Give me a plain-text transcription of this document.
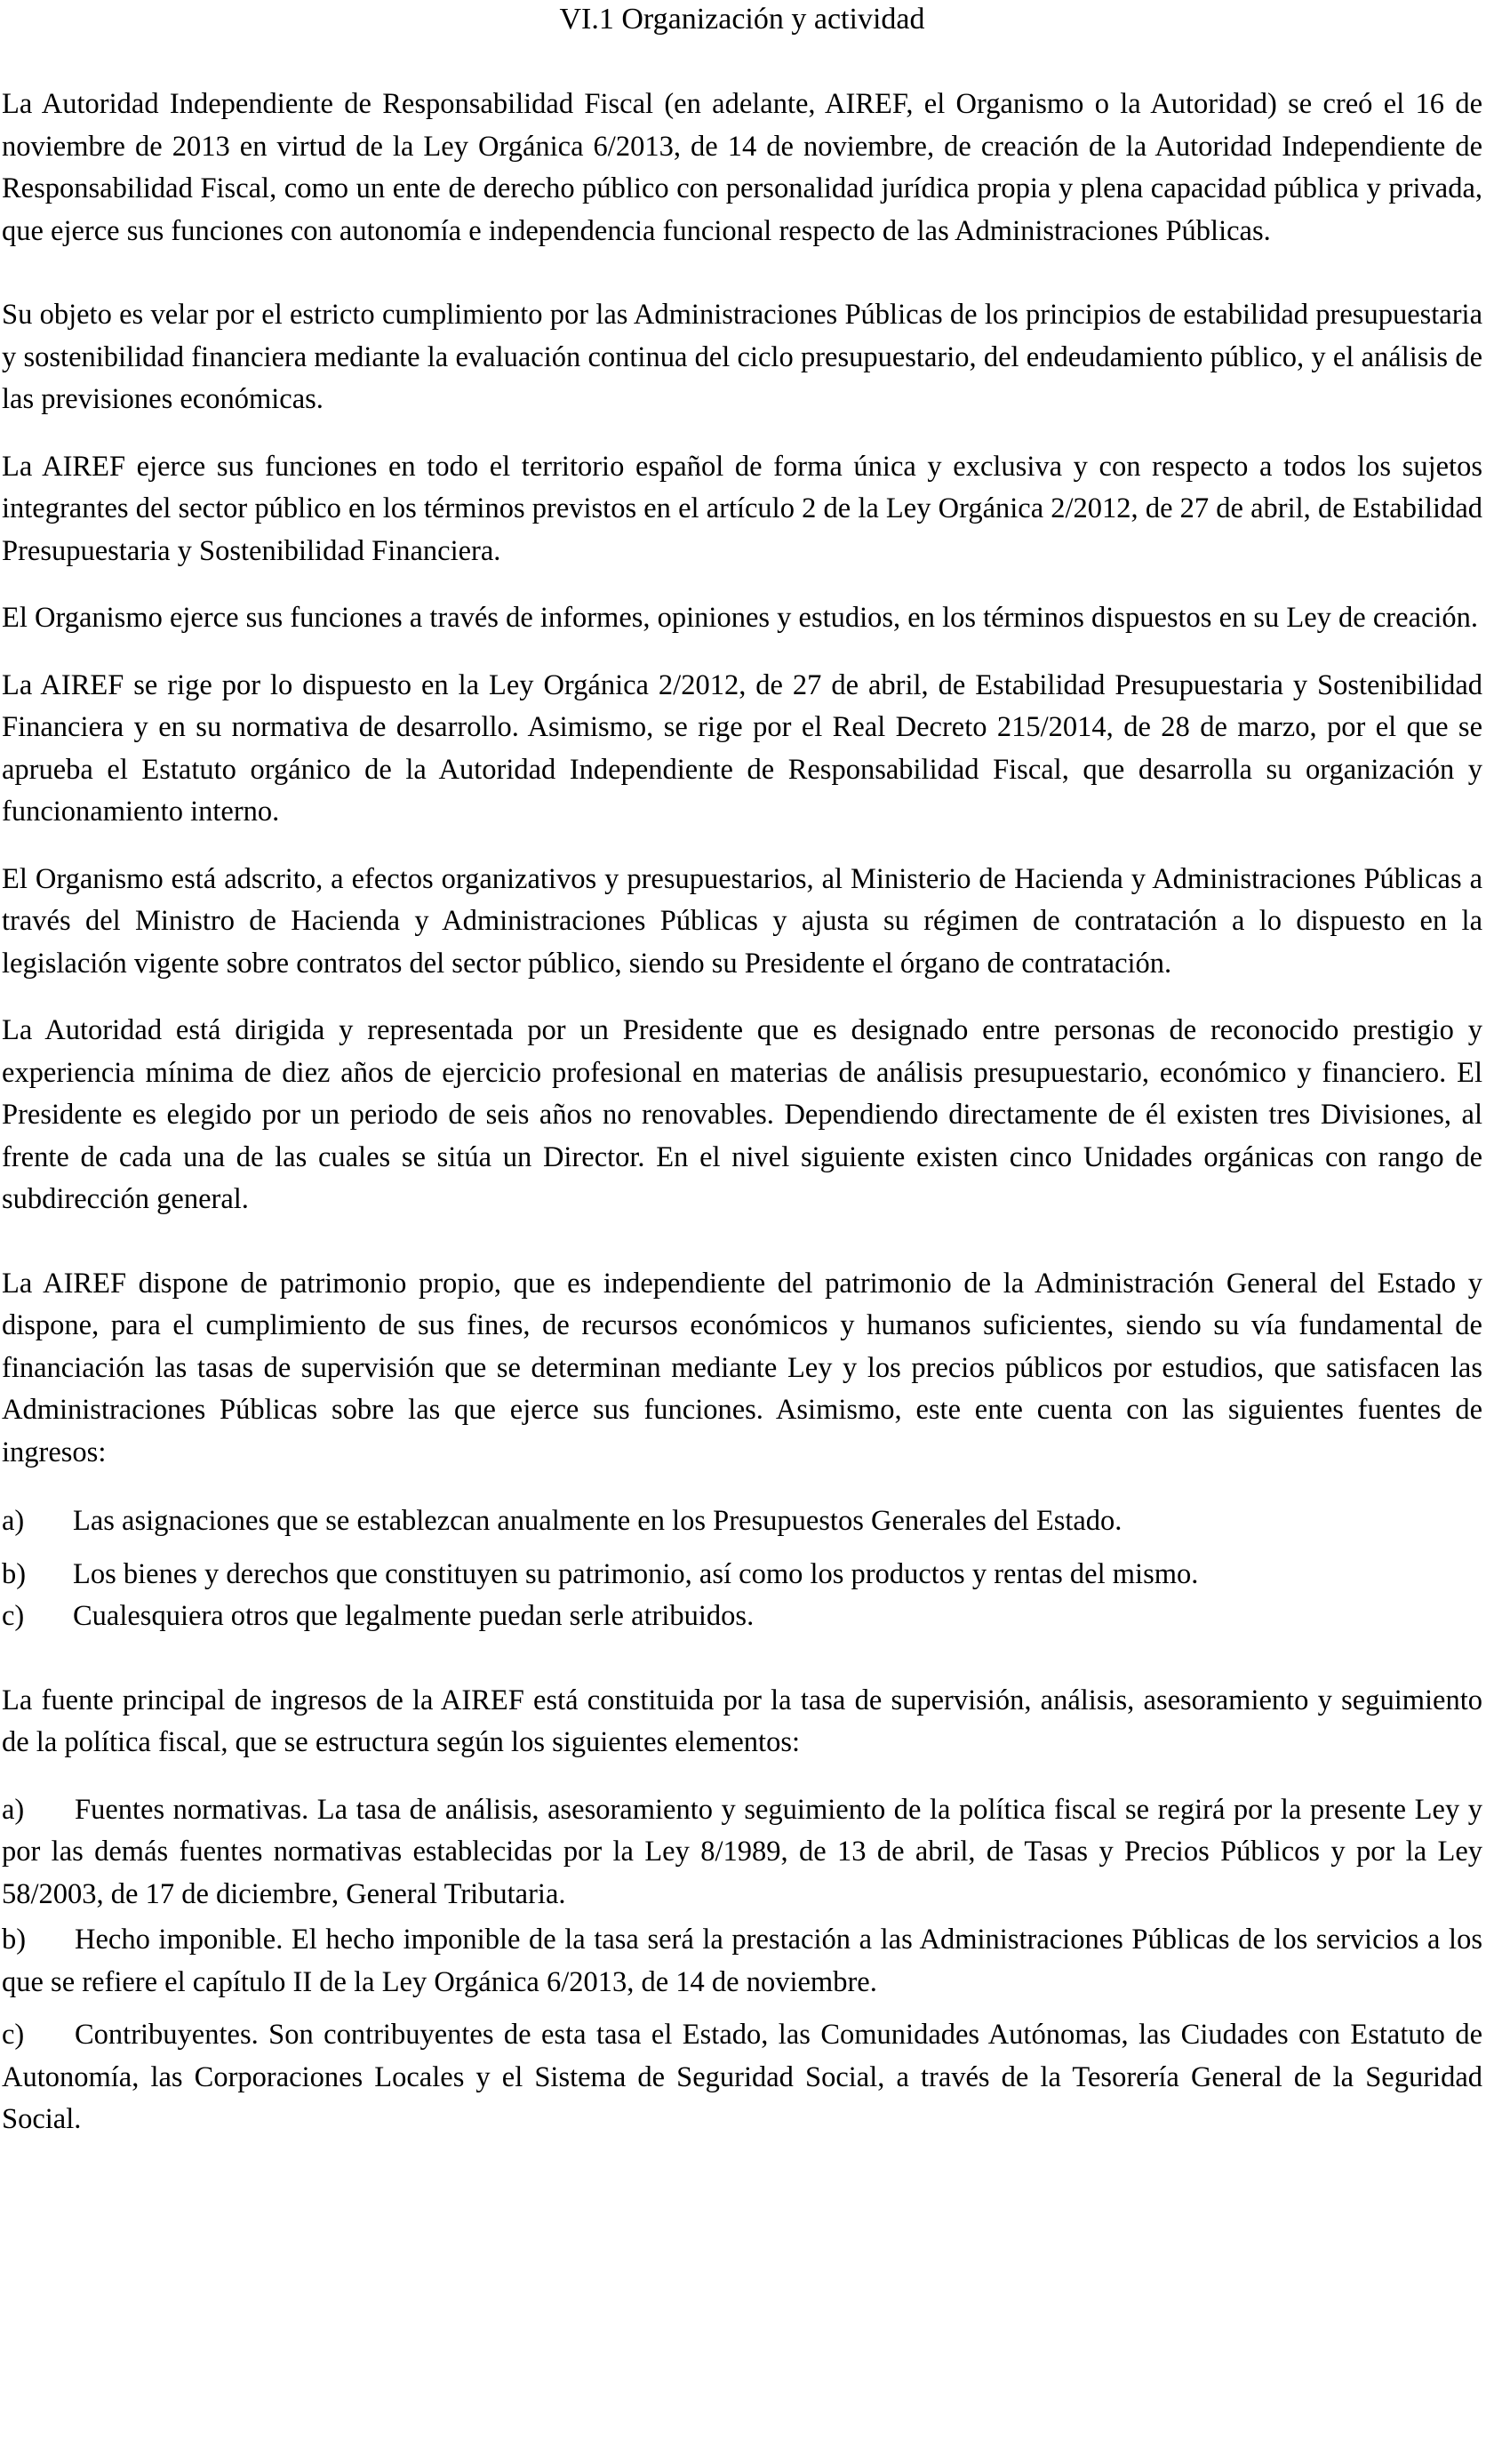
VI.1 Organización y actividad

La Autoridad Independiente de Responsabilidad Fiscal (en adelante, AIREF, el Organismo o la Autoridad) se creó el 16 de noviembre de 2013 en virtud de la Ley Orgánica 6/2013, de 14 de noviembre, de creación de la Autoridad Independiente de Responsabilidad Fiscal, como un ente de derecho público con personalidad jurídica propia y plena capacidad pública y privada, que ejerce sus funciones con autonomía e independencia funcional respecto de las Administraciones Públicas.

Su objeto es velar por el estricto cumplimiento por las Administraciones Públicas de los principios de estabilidad presupuestaria y sostenibilidad financiera mediante la evaluación continua del ciclo presupuestario, del endeudamiento público, y el análisis de las previsiones económicas.

La AIREF ejerce sus funciones en todo el territorio español de forma única y exclusiva y con respecto a todos los sujetos integrantes del sector público en los términos previstos en el artículo 2 de la Ley Orgánica 2/2012, de 27 de abril, de Estabilidad Presupuestaria y Sostenibilidad Financiera.

El Organismo ejerce sus funciones a través de informes, opiniones y estudios, en los términos dispuestos en su Ley de creación.

La AIREF se rige por lo dispuesto en la Ley Orgánica 2/2012, de 27 de abril, de Estabilidad Presupuestaria y Sostenibilidad Financiera y en su normativa de desarrollo. Asimismo, se rige por el Real Decreto 215/2014, de 28 de marzo, por el que se aprueba el Estatuto orgánico de la Autoridad Independiente de Responsabilidad Fiscal, que desarrolla su organización y funcionamiento interno.

El Organismo está adscrito, a efectos organizativos y presupuestarios, al Ministerio de Hacienda y Administraciones Públicas a través del Ministro de Hacienda y Administraciones Públicas y ajusta su régimen de contratación a lo dispuesto en la legislación vigente sobre contratos del sector público, siendo su Presidente el órgano de contratación.

La Autoridad está dirigida y representada por un Presidente que es designado entre personas de reconocido prestigio y experiencia mínima de diez años de ejercicio profesional en materias de análisis presupuestario, económico y financiero. El Presidente es elegido por un periodo de seis años no renovables. Dependiendo directamente de él existen tres Divisiones, al frente de cada una de las cuales se sitúa un Director. En el nivel siguiente existen cinco Unidades orgánicas con rango de subdirección general.

La AIREF dispone de patrimonio propio, que es independiente del patrimonio de la Administración General del Estado y dispone, para el cumplimiento de sus fines, de recursos económicos y humanos suficientes, siendo su vía fundamental de financiación las tasas de supervisión que se determinan mediante Ley y los precios públicos por estudios, que satisfacen las Administraciones Públicas sobre las que ejerce sus funciones. Asimismo, este ente cuenta con las siguientes fuentes de ingresos:

a)	Las asignaciones que se establezcan anualmente en los Presupuestos Generales del Estado.
b)	Los bienes y derechos que constituyen su patrimonio, así como los productos y rentas del mismo.
c)	Cualesquiera otros que legalmente puedan serle atribuidos.

La fuente principal de ingresos de la AIREF está constituida por la tasa de supervisión, análisis, asesoramiento y seguimiento de la política fiscal, que se estructura según los siguientes elementos:

a) Fuentes normativas. La tasa de análisis, asesoramiento y seguimiento de la política fiscal se regirá por la presente Ley y por las demás fuentes normativas establecidas por la Ley 8/1989, de 13 de abril, de Tasas y Precios Públicos y por la Ley 58/2003, de 17 de diciembre, General Tributaria.

b) Hecho imponible. El hecho imponible de la tasa será la prestación a las Administraciones Públicas de los servicios a los que se refiere el capítulo II de la Ley Orgánica 6/2013, de 14 de noviembre.

c) Contribuyentes. Son contribuyentes de esta tasa el Estado, las Comunidades Autónomas, las Ciudades con Estatuto de Autonomía, las Corporaciones Locales y el Sistema de Seguridad Social, a través de la Tesorería General de la Seguridad Social.
